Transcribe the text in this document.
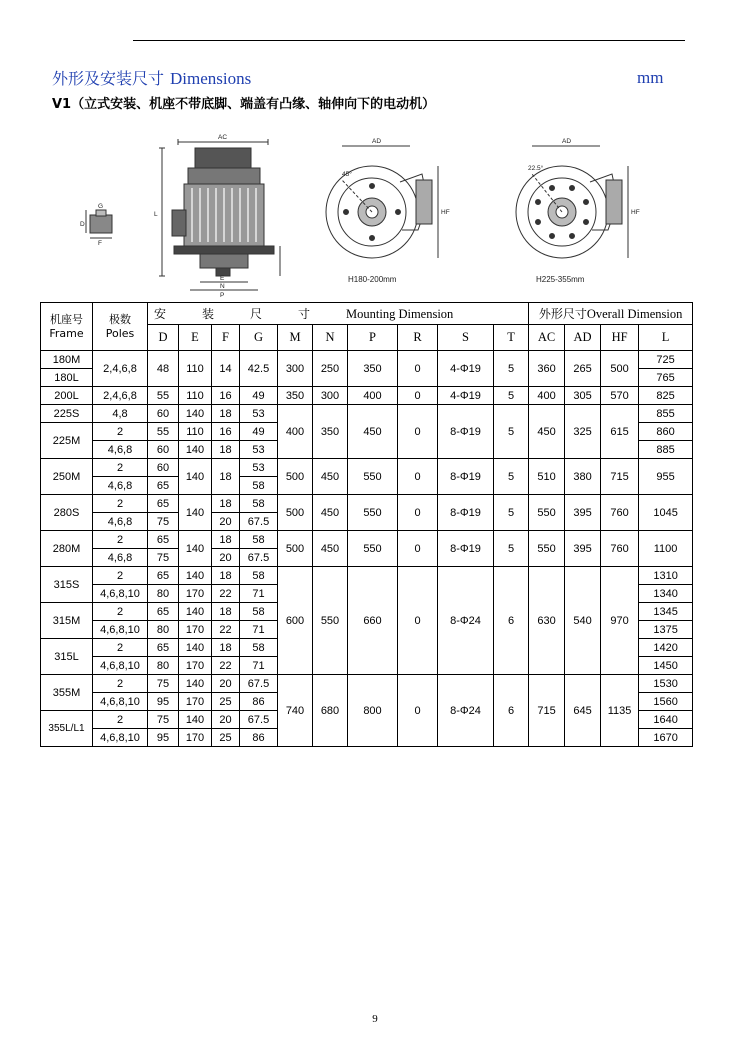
外形及安装尺寸 Dimensions	mm
V1（立式安装、机座不带底脚、端盖有凸缘、轴伸向下的电动机）
AC
L
E
N
P
G
F
D
AD
45°
HF
H180-200mm
AD
22.5°
HF
H225-355mm
机座号
Frame	极数
Poles	安装尺寸Mounting Dimension										外形尺寸Overall Dimension			
		D	E	F	G	M	N	P	R	S	T	AC	AD	HF	L
180M	2,4,6,8	48	110	14	42.5	300	250	350	0	4-Φ19	5	360	265	500	725
180L															765
200L	2,4,6,8	55	110	16	49	350	300	400	0	4-Φ19	5	400	305	570	825
225S	4,8	60	140	18	53	400	350	450	0	8-Φ19	5	450	325	615	855
225M	2	55	110	16	49										860
	4,6,8	60	140	18	53										885
250M	2	60	140	18	53	500	450	550	0	8-Φ19	5	510	380	715	955
	4,6,8	65			58										
280S	2	65	140	18	58	500	450	550	0	8-Φ19	5	550	395	760	1045
	4,6,8	75		20	67.5										
280M	2	65	140	18	58	500	450	550	0	8-Φ19	5	550	395	760	1100
	4,6,8	75		20	67.5										
315S	2	65	140	18	58	600	550	660	0	8-Φ24	6	630	540	970	1310
	4,6,8,10	80	170	22	71										1340
315M	2	65	140	18	58										1345
	4,6,8,10	80	170	22	71										1375
315L	2	65	140	18	58										1420
	4,6,8,10	80	170	22	71										1450
355M	2	75	140	20	67.5	740	680	800	0	8-Φ24	6	715	645	1135	1530
	4,6,8,10	95	170	25	86										1560
355L/L1	2	75	140	20	67.5										1640
	4,6,8,10	95	170	25	86										1670
9
